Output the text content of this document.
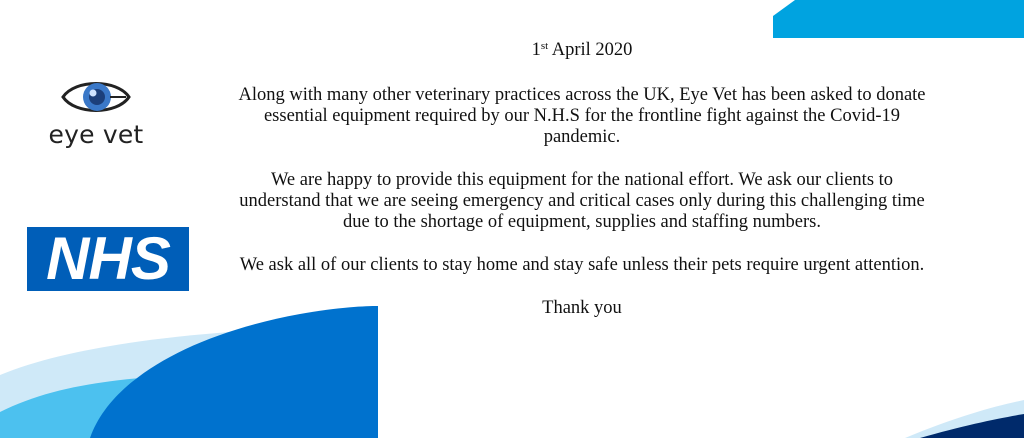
eye vet
NHS

1st April 2020

Along with many other veterinary practices across the UK, Eye Vet has been asked to donate essential equipment required by our N.H.S for the frontline fight against the Covid-19 pandemic.

We are happy to provide this equipment for the national effort. We ask our clients to understand that we are seeing emergency and critical cases only during this challenging time due to the shortage of equipment, supplies and staffing numbers.

We ask all of our clients to stay home and stay safe unless their pets require urgent attention.

Thank you
